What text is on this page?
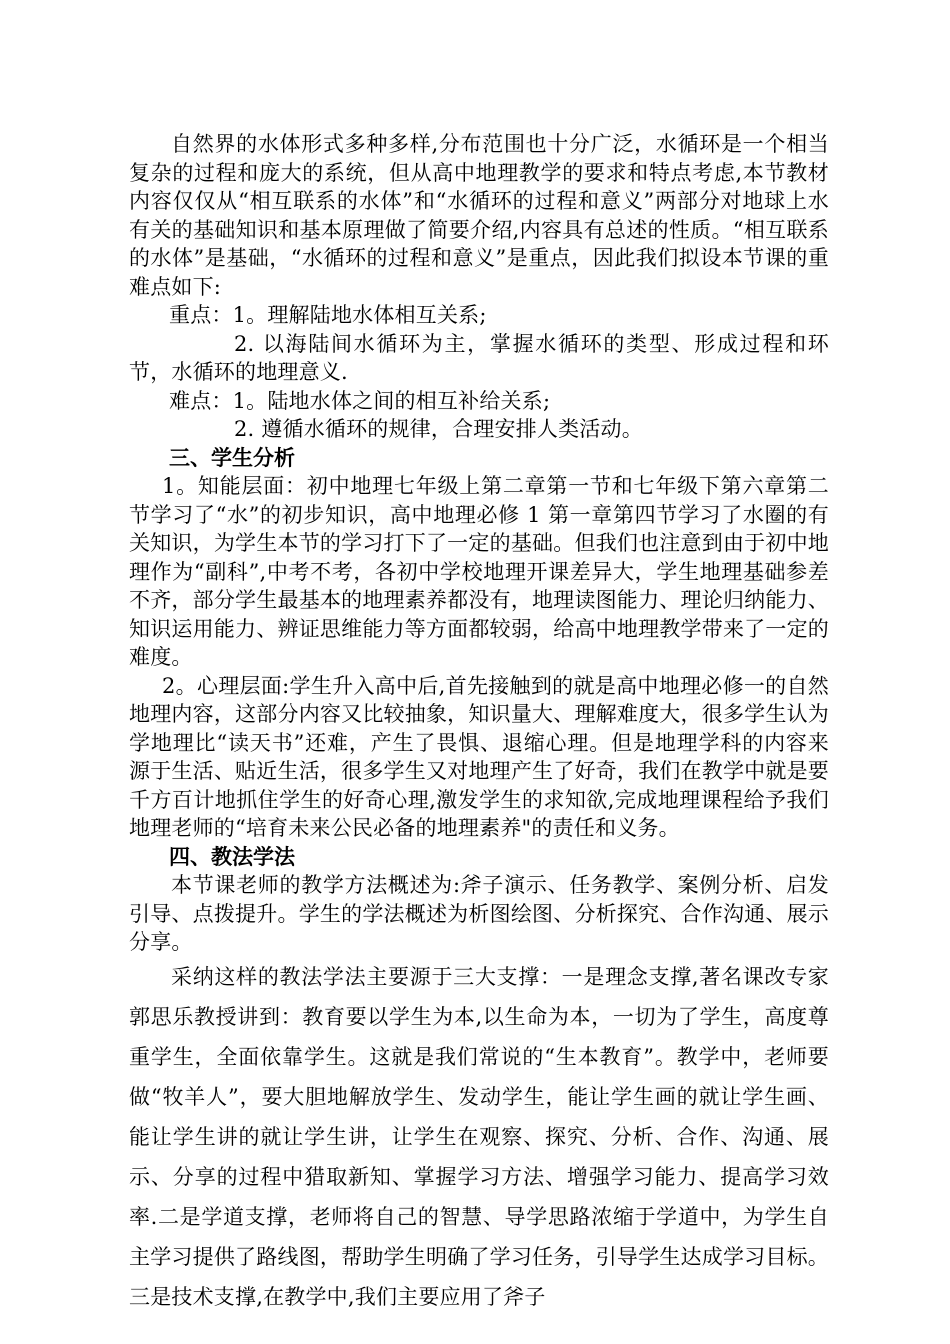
自然界的水体形式多种多样,分布范围也十分广泛，水循环是一个相当复杂的过程和庞大的系统，但从高中地理教学的要求和特点考虑,本节教材内容仅仅从“相互联系的水体”和“水循环的过程和意义”两部分对地球上水有关的基础知识和基本原理做了简要介绍,内容具有总述的性质。“相互联系的水体”是基础，“水循环的过程和意义”是重点，因此我们拟设本节课的重难点如下:

重点：1。理解陆地水体相互关系;

2. 以海陆间水循环为主，掌握水循环的类型、形成过程和环节，水循环的地理意义.

难点：1。陆地水体之间的相互补给关系;

2. 遵循水循环的规律，合理安排人类活动。

三、学生分析

1。知能层面：初中地理七年级上第二章第一节和七年级下第六章第二节学习了“水”的初步知识，高中地理必修 1 第一章第四节学习了水圈的有关知识，为学生本节的学习打下了一定的基础。但我们也注意到由于初中地理作为“副科”,中考不考，各初中学校地理开课差异大，学生地理基础参差不齐，部分学生最基本的地理素养都没有，地理读图能力、理论归纳能力、知识运用能力、辨证思维能力等方面都较弱，给高中地理教学带来了一定的难度。

2。心理层面:学生升入高中后,首先接触到的就是高中地理必修一的自然地理内容，这部分内容又比较抽象，知识量大、理解难度大，很多学生认为学地理比“读天书”还难，产生了畏惧、退缩心理。但是地理学科的内容来源于生活、贴近生活，很多学生又对地理产生了好奇，我们在教学中就是要千方百计地抓住学生的好奇心理,激发学生的求知欲,完成地理课程给予我们地理老师的“培育未来公民必备的地理素养"的责任和义务。

四、教法学法

本节课老师的教学方法概述为:斧子演示、任务教学、案例分析、启发引导、点拨提升。学生的学法概述为析图绘图、分析探究、合作沟通、展示分享。

采纳这样的教法学法主要源于三大支撑：一是理念支撑,著名课改专家郭思乐教授讲到：教育要以学生为本,以生命为本，一切为了学生，高度尊重学生，全面依靠学生。这就是我们常说的“生本教育”。教学中，老师要做“牧羊人”，要大胆地解放学生、发动学生，能让学生画的就让学生画、能让学生讲的就让学生讲，让学生在观察、探究、分析、合作、沟通、展示、分享的过程中猎取新知、掌握学习方法、增强学习能力、提高学习效率.二是学道支撑，老师将自己的智慧、导学思路浓缩于学道中，为学生自主学习提供了路线图，帮助学生明确了学习任务，引导学生达成学习目标。三是技术支撑,在教学中,我们主要应用了斧子
